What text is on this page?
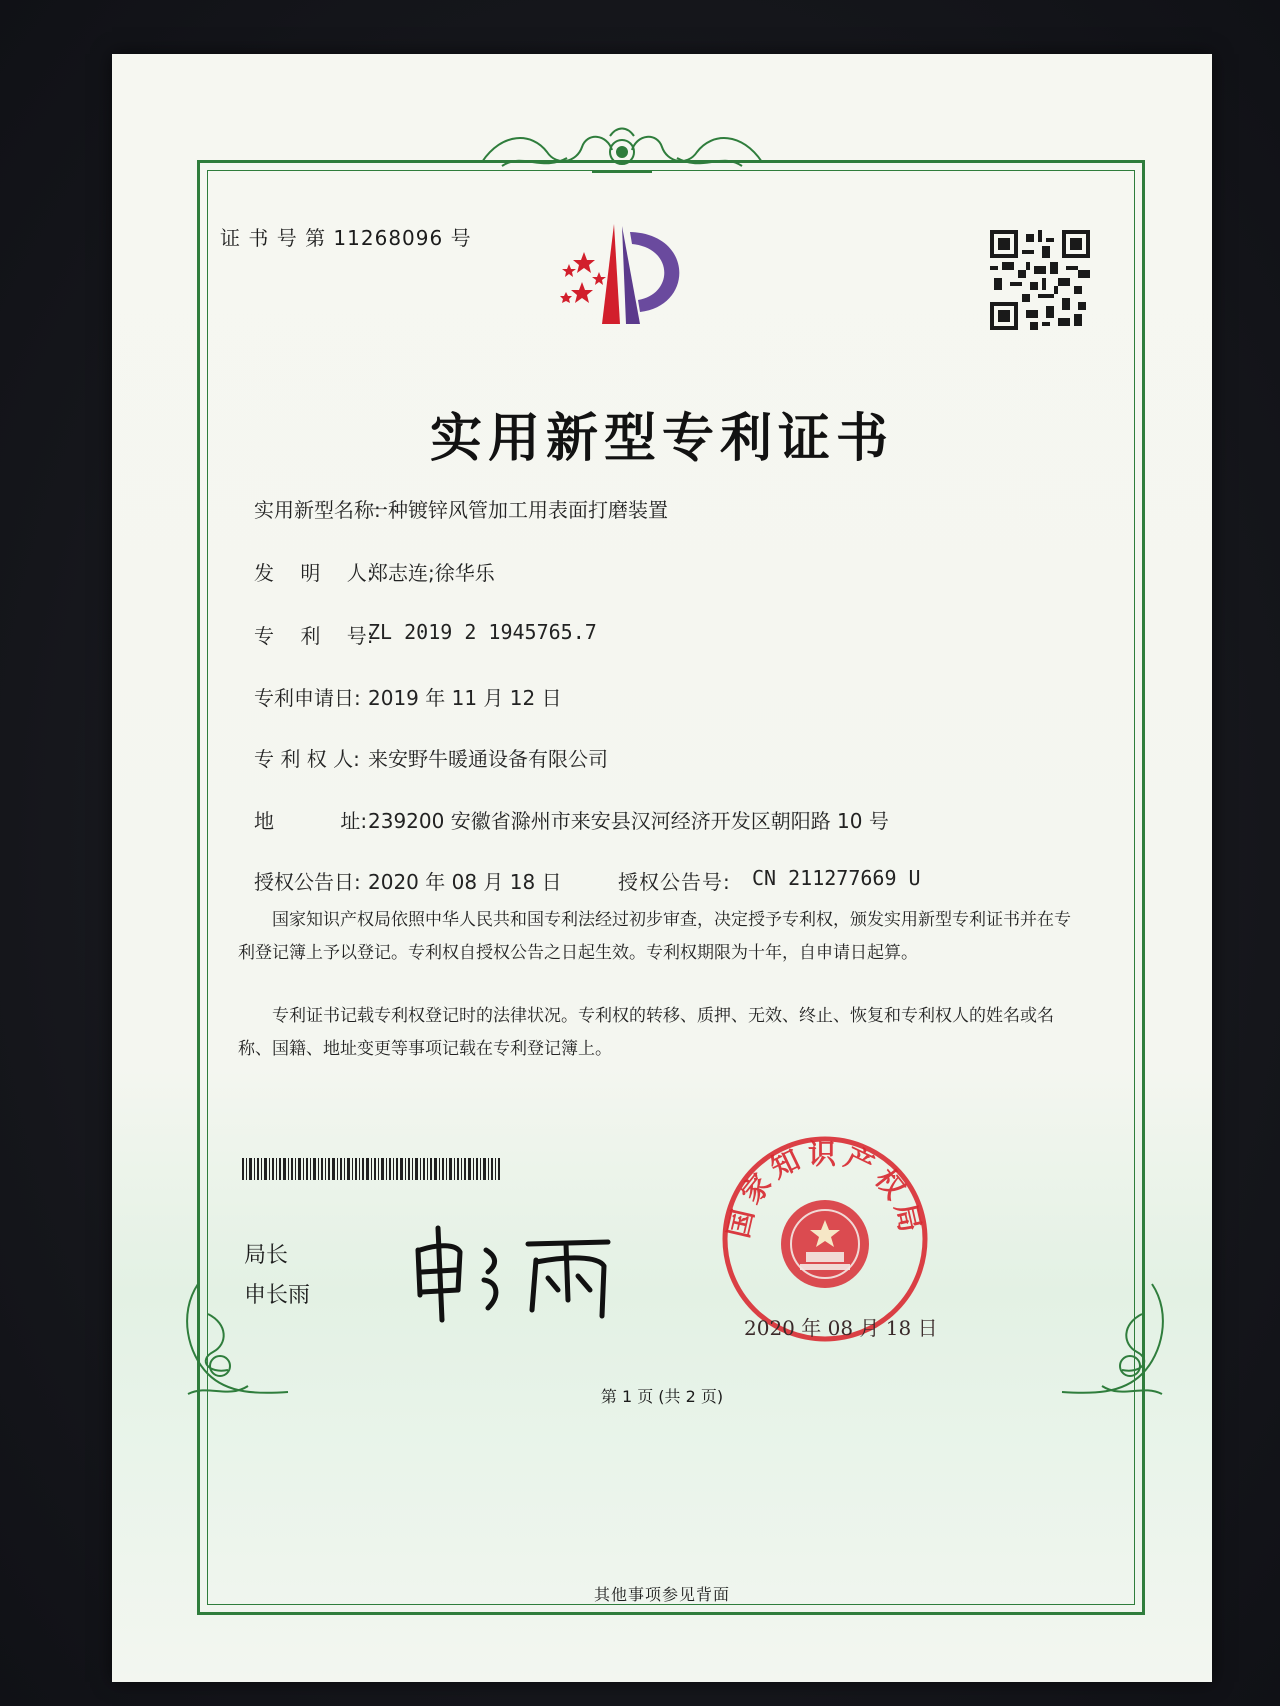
证 书 号 第 11268096 号
实用新型专利证书
实用新型名称:
一种镀锌风管加工用表面打磨装置
发　 明　 人:
郑志连;徐华乐
专　 利　 号:
ZL 2019 2 1945765.7
专利申请日: 2019 年 11 月 12 日
专 利 权 人: 来安野牛暖通设备有限公司
地　　　 址: 239200 安徽省滁州市来安县汉河经济开发区朝阳路 10 号
授权公告日: 2020 年 08 月 18 日	授权公告号: CN 211277669 U
国家知识产权局依照中华人民共和国专利法经过初步审查，决定授予专利权，颁发实用新型专利证书并在专利登记簿上予以登记。专利权自授权公告之日起生效。专利权期限为十年，自申请日起算。
专利证书记载专利权登记时的法律状况。专利权的转移、质押、无效、终止、恢复和专利权人的姓名或名称、国籍、地址变更等事项记载在专利登记簿上。
局长
申长雨
国家知识产权局
2020 年 08 月 18 日
第 1 页 (共 2 页)
其他事项参见背面
